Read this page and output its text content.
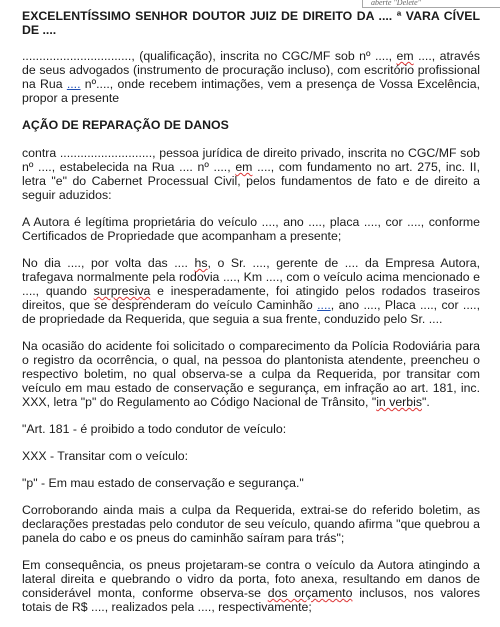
aberte "Delete"
EXCELENTÍSSIMO SENHOR DOUTOR JUIZ DE DIREITO DA .... ª VARA CÍVEL
DE ....

................................, (qualificação), inscrita no CGC/MF sob nº ...., em ...., através de seus advogados (instrumento de procuração incluso), com escritório profissional na Rua .... nº...., onde recebem intimações, vem a presença de Vossa Excelência, propor a presente

AÇÃO DE REPARAÇÃO DE DANOS

contra ..........................., pessoa jurídica de direito privado, inscrita no CGC/MF sob nº ...., estabelecida na Rua .... nº ...., em ...., com fundamento no art. 275, inc. II, letra "e" do Cabernet Processual Civil, pelos fundamentos de fato e de direito a seguir aduzidos:

A Autora é legítima proprietária do veículo ...., ano ...., placa ...., cor ...., conforme Certificados de Propriedade que acompanham a presente;

No dia ...., por volta das .... hs, o Sr. ...., gerente de .... da Empresa Autora, trafegava normalmente pela rodovia ...., Km ...., com o veículo acima mencionado e ...., quando surpresiva e inesperadamente, foi atingido pelos rodados traseiros direitos, que se desprenderam do veículo Caminhão ...., ano ...., Placa ...., cor ...., de propriedade da Requerida, que seguia a sua frente, conduzido pelo Sr. ....

Na ocasião do acidente foi solicitado o comparecimento da Polícia Rodoviária para o registro da ocorrência, o qual, na pessoa do plantonista atendente, preencheu o respectivo boletim, no qual observa-se a culpa da Requerida, por transitar com veículo em mau estado de conservação e segurança, em infração ao art. 181, inc. XXX, letra "p" do Regulamento ao Código Nacional de Trânsito, "in verbis".

"Art. 181 - é proibido a todo condutor de veículo:

XXX - Transitar com o veículo:

"p" - Em mau estado de conservação e segurança."

Corroborando ainda mais a culpa da Requerida, extrai-se do referido boletim, as declarações prestadas pelo condutor de seu veículo, quando afirma "que quebrou a panela do cabo e os pneus do caminhão saíram para trás";

Em consequência, os pneus projetaram-se contra o veículo da Autora atingindo a lateral direita e quebrando o vidro da porta, foto anexa, resultando em danos de considerável monta, conforme observa-se dos orçamento inclusos, nos valores totais de R$ ...., realizados pela ...., respectivamente;
